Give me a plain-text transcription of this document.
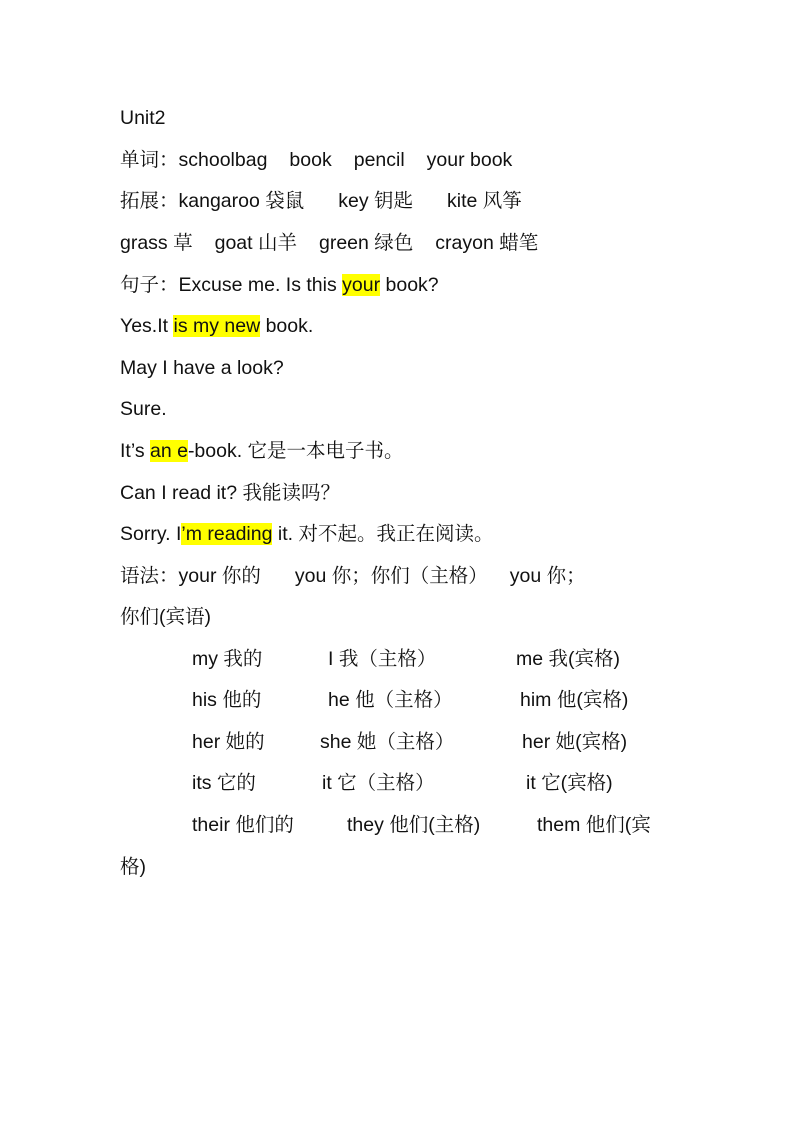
Unit2
单词：schoolbag book pencil your book
拓展：kangaroo 袋鼠 key 钥匙 kite 风筝
grass 草 goat 山羊 green 绿色 crayon 蜡笔
句子：Excuse me. Is this your book?
Yes.It is my new book.
May I have a look?
Sure.
It’s an e-book. 它是一本电子书。
Can I read it? 我能读吗？
Sorry. I’m reading it. 对不起。我正在阅读。
语法：your 你的 you 你；你们（主格） you 你；
你们(宾语)
my 我的	I 我（主格）	me 我(宾格)
his 他的	he 他（主格）	him 他(宾格)
her 她的	she 她（主格）	her 她(宾格)
its 它的	it 它（主格）	it 它(宾格)
their 他们的	they 他们(主格)	them 他们(宾
格)
